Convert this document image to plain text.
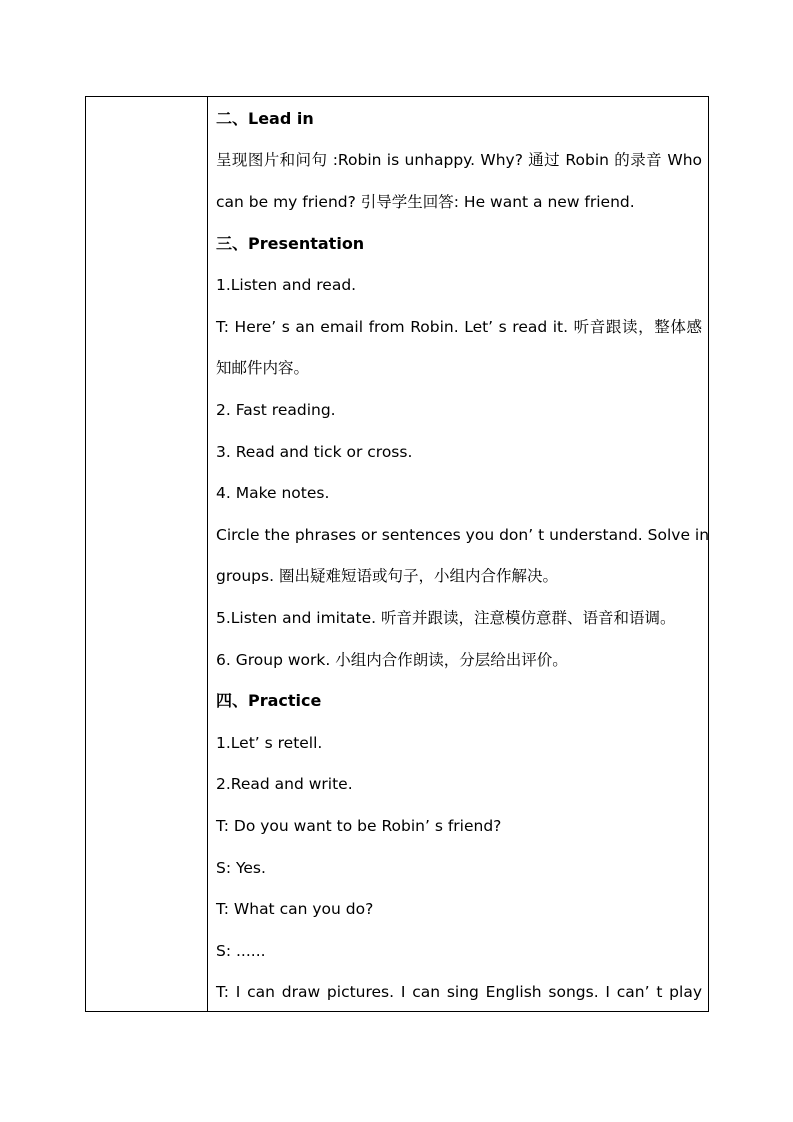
二、Lead in
呈现图片和问句 :Robin is unhappy. Why? 通过 Robin 的录音 Who
can be my friend? 引导学生回答: He want a new friend.
三、Presentation
1.Listen and read.
T: Here’ s an email from Robin. Let’ s read it. 听音跟读，整体感
知邮件内容。
2. Fast reading.
3. Read and tick or cross.
4. Make notes.
Circle the phrases or sentences you don’ t understand. Solve in
groups. 圈出疑难短语或句子，小组内合作解决。
5.Listen and imitate. 听音并跟读，注意模仿意群、语音和语调。
6. Group work. 小组内合作朗读，分层给出评价。
四、Practice
1.Let’ s retell.
2.Read and write.
T: Do you want to be Robin’ s friend?
S: Yes.
T: What can you do?
S: ......
T: I can draw pictures. I can sing English songs. I can’ t play
